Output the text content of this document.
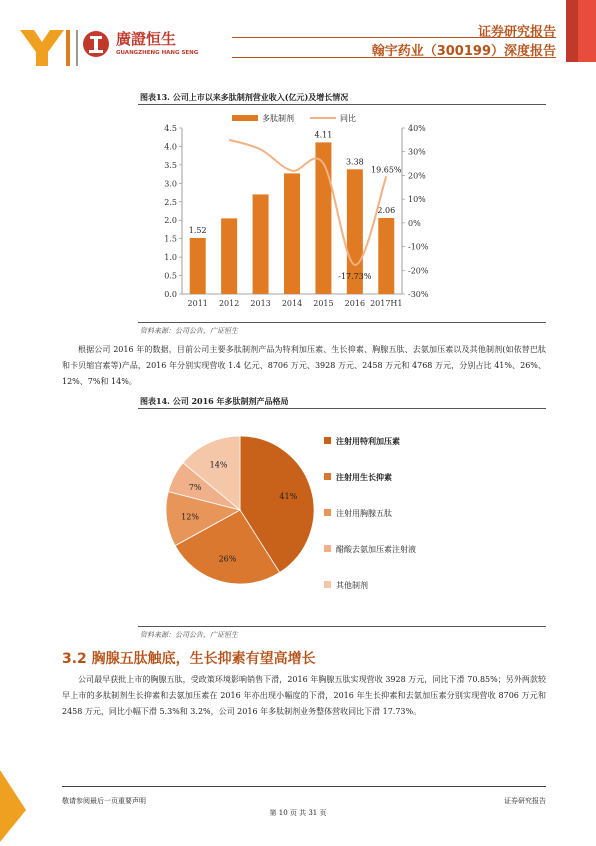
廣證恒生
GUANGZHENG HANG SENG
证券研究报告
翰宇药业（300199）深度报告
图表13. 公司上市以来多肽制剂营业收入(亿元)及增长情况
0.0
0.5
1.0
1.5
2.0
2.5
3.0
3.5
4.0
4.5
-30%
-20%
-10%
0%
10%
20%
30%
40%
1.52
2011 2012 2013 2014
4.11
2015
3.38
2016
2.06
2017H1
-17.73%
19.65%
多肽制剂	同比
资料来源：公司公告，广证恒生
根据公司 2016 年的数据，目前公司主要多肽制剂产品为特利加压素、生长抑素、胸腺五肽、去氨加压素以及其他制剂(如依替巴肽和卡贝缩宫素等)产品，2016 年分别实现营收 1.4 亿元、8706 万元、3928 万元、2458 万元和 4768 万元，分别占比 41%、26%、12%、7%和 14%。
图表14. 公司 2016 年多肽制剂产品格局
41%
26%
12%
7%
14%
注射用特利加压素
注射用生长抑素
注射用胸腺五肽
醋酸去氨加压素注射液
其他制剂
资料来源：公司公告，广证恒生
3.2 胸腺五肽触底，生长抑素有望高增长
公司最早获批上市的胸腺五肽，受政策环境影响销售下滑，2016 年胸腺五肽实现营收 3928 万元，同比下滑 70.85%；另外两款较早上市的多肽制剂生长抑素和去氨加压素在 2016 年亦出现小幅度的下滑，2016 年生长抑素和去氨加压素分别实现营收 8706 万元和 2458 万元，同比小幅下滑 5.3%和 3.2%，公司 2016 年多肽制剂业务整体营收同比下滑 17.73%。
敬请参阅最后一页重要声明	证券研究报告
第 10 页 共 31 页
